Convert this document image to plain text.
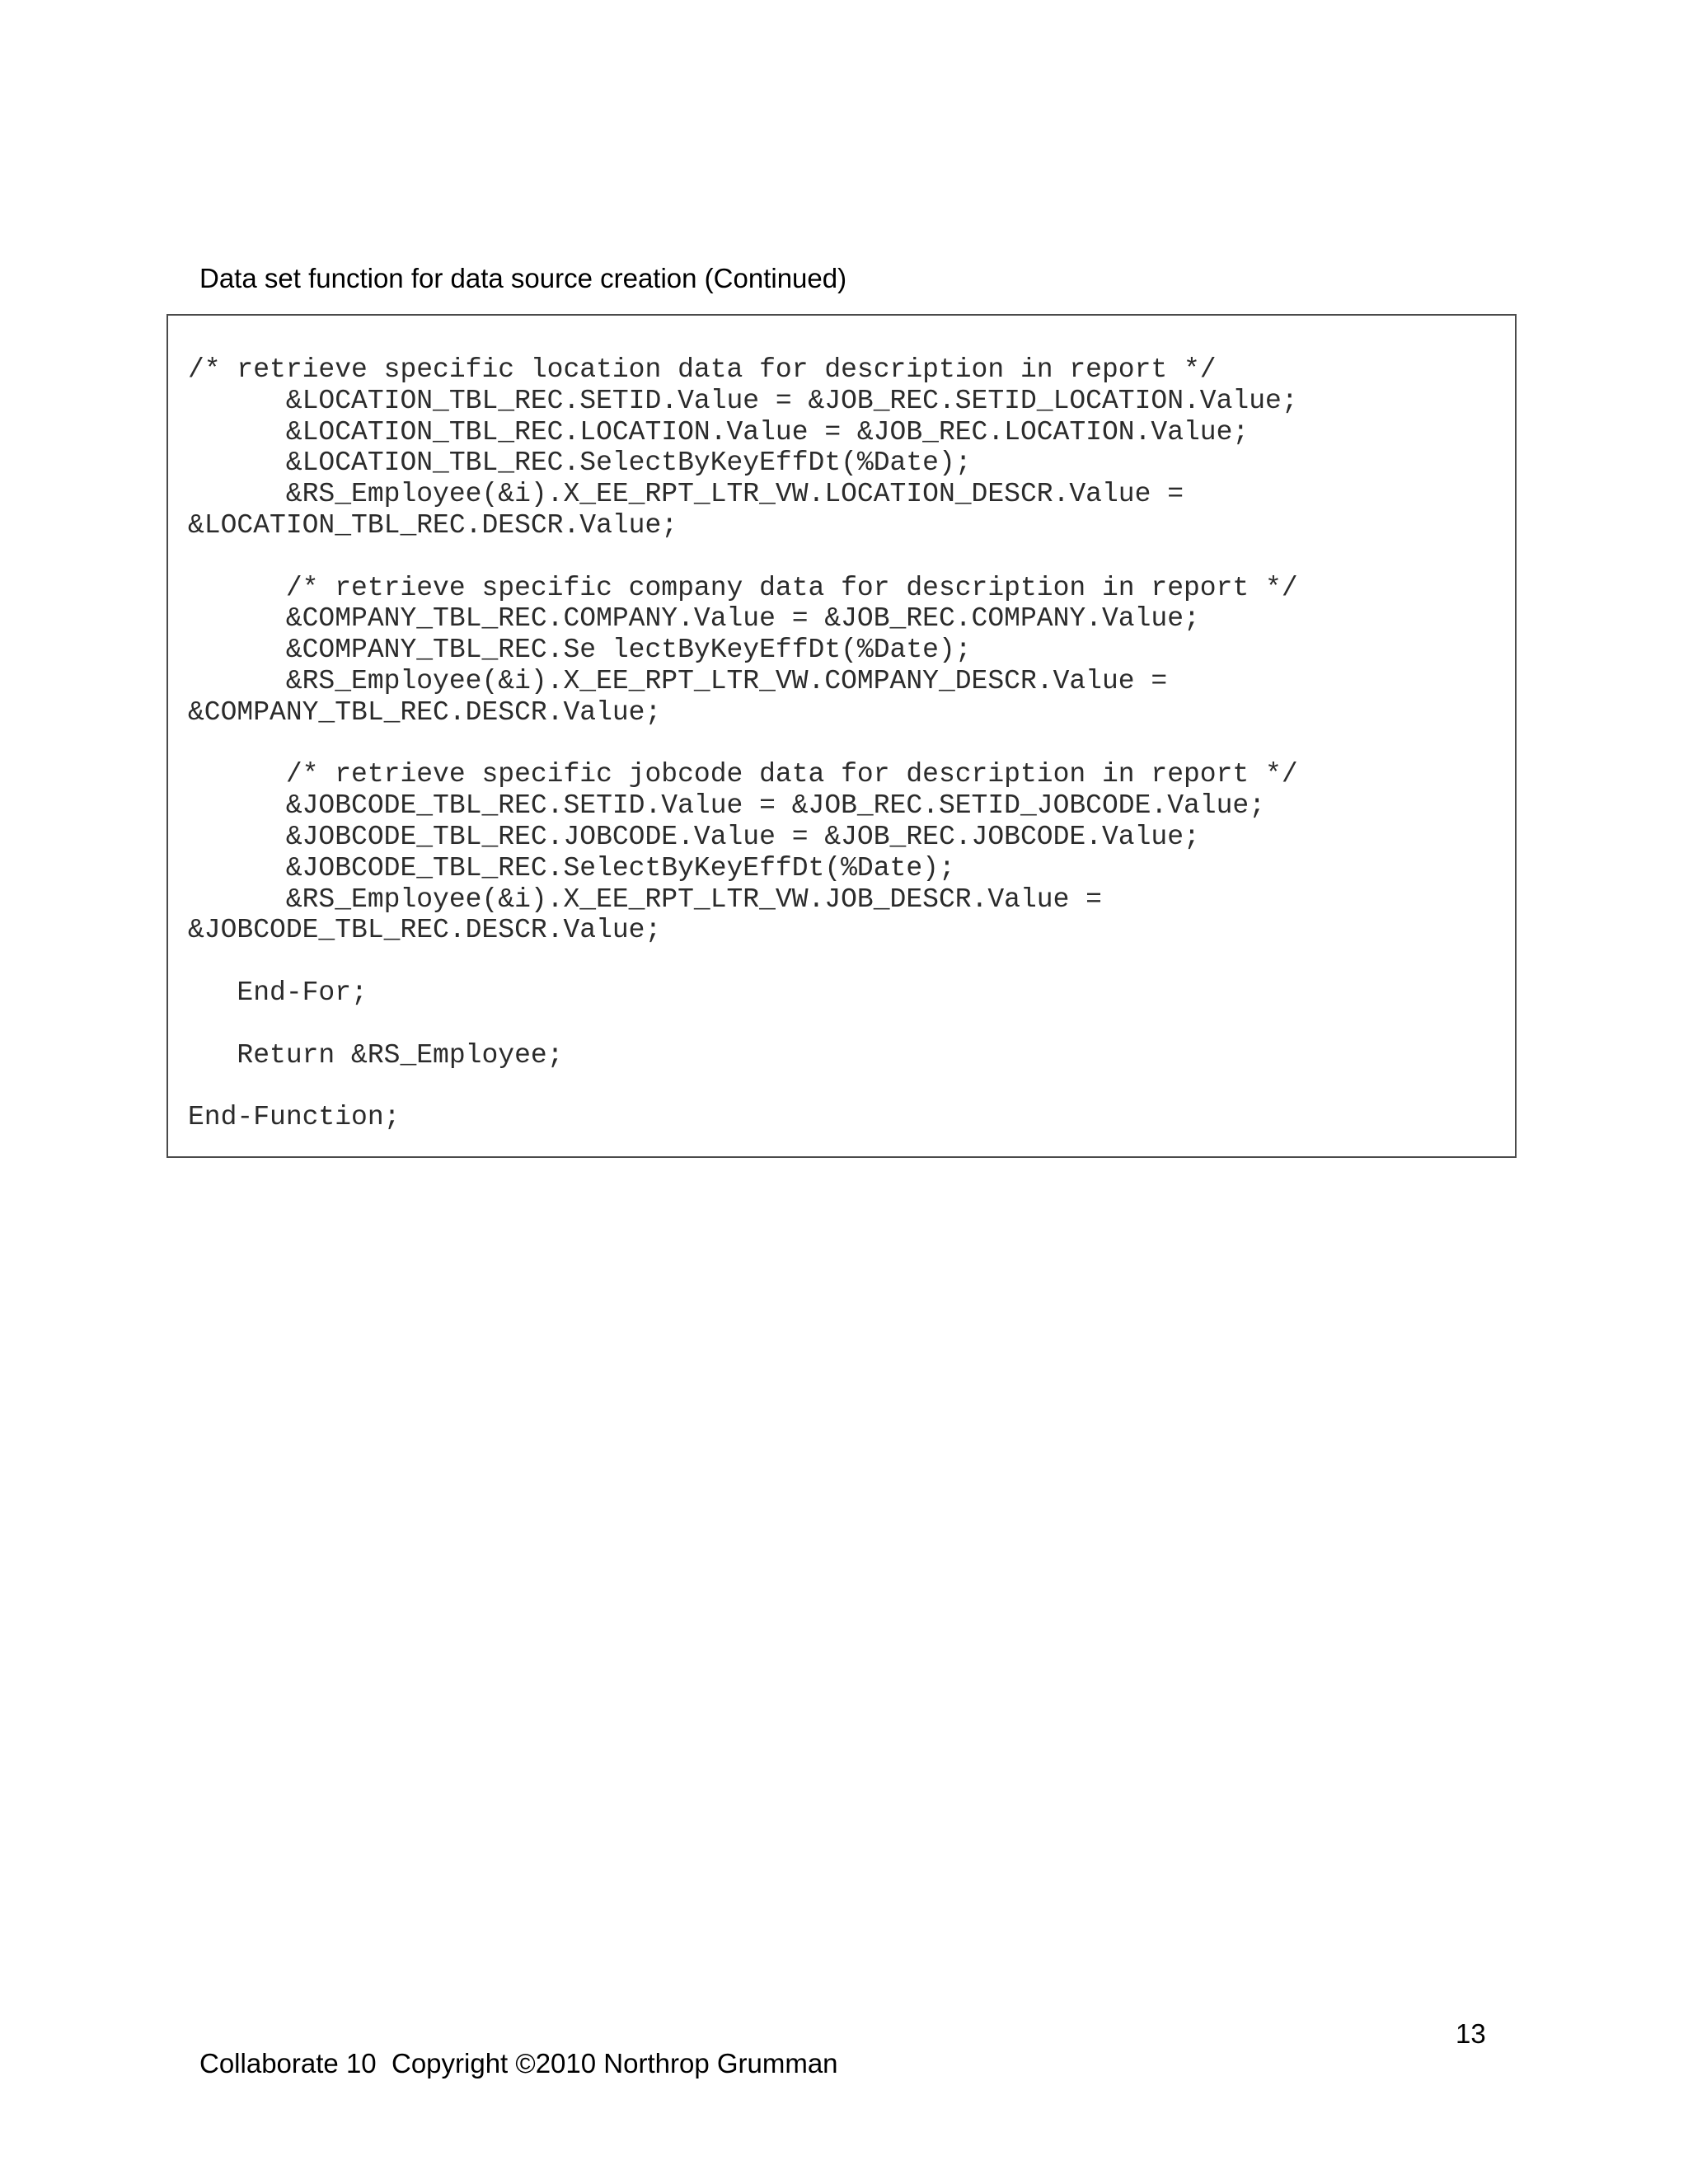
Data set function for data source creation (Continued)
/* retrieve specific location data for description in report */
&LOCATION_TBL_REC.SETID.Value = &JOB_REC.SETID_LOCATION.Value;
&LOCATION_TBL_REC.LOCATION.Value = &JOB_REC.LOCATION.Value;
&LOCATION_TBL_REC.SelectByKeyEffDt(%Date);
&RS_Employee(&i).X_EE_RPT_LTR_VW.LOCATION_DESCR.Value =
&LOCATION_TBL_REC.DESCR.Value;
/* retrieve specific company data for description in report */
&COMPANY_TBL_REC.COMPANY.Value = &JOB_REC.COMPANY.Value;
&COMPANY_TBL_REC.Se lectByKeyEffDt(%Date);
&RS_Employee(&i).X_EE_RPT_LTR_VW.COMPANY_DESCR.Value =
&COMPANY_TBL_REC.DESCR.Value;
/* retrieve specific jobcode data for description in report */
&JOBCODE_TBL_REC.SETID.Value = &JOB_REC.SETID_JOBCODE.Value;
&JOBCODE_TBL_REC.JOBCODE.Value = &JOB_REC.JOBCODE.Value;
&JOBCODE_TBL_REC.SelectByKeyEffDt(%Date);
&RS_Employee(&i).X_EE_RPT_LTR_VW.JOB_DESCR.Value =
&JOBCODE_TBL_REC.DESCR.Value;
End-For;
Return &RS_Employee;
End-Function;
13
Collaborate 10  Copyright ©2010 Northrop Grumman
